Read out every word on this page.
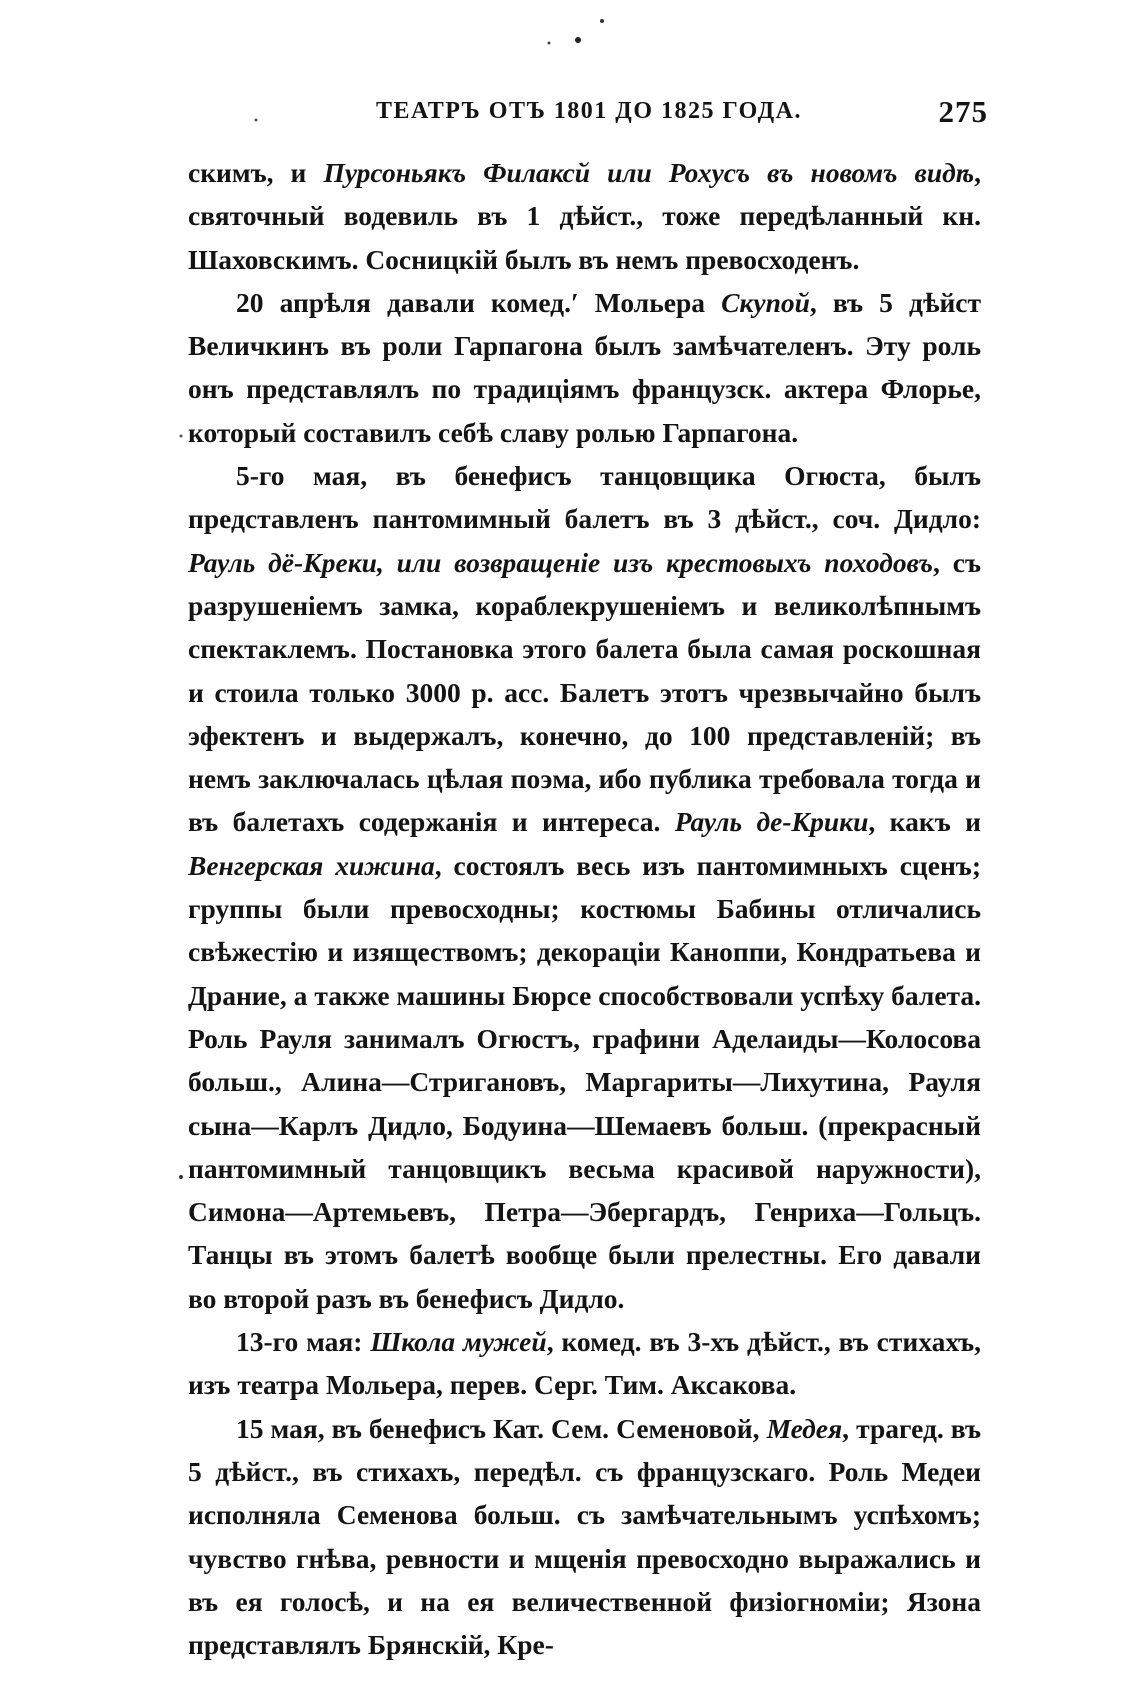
ТЕАТРЪ ОТЪ 1801 ДО 1825 ГОДА.	275

скимъ, и Пурсоньякъ Филаксй или Рохусъ въ новомъ видѣ, святочный водевиль въ 1 дѣйст., тоже передѣланный кн. Шаховскимъ. Сосницкій былъ въ немъ превосходенъ.

20 апрѣля давали комед.′ Мольера Скупой, въ 5 дѣйст Величкинъ въ роли Гарпагона былъ замѣчателенъ. Эту роль онъ представлялъ по традиціямъ французск. актера Флорье, который составилъ себѣ славу ролью Гарпагона.

5-го мая, въ бенефисъ танцовщика Огюста, былъ представленъ пантомимный балетъ въ 3 дѣйст., соч. Дидло: Рауль дё-Креки, или возвращеніе изъ крестовыхъ походовъ, съ разрушеніемъ замка, кораблекрушеніемъ и великолѣпнымъ спектаклемъ. Постановка этого балета была самая роскошная и стоила только 3000 р. асс. Балетъ этотъ чрезвычайно былъ эфектенъ и выдержалъ, конечно, до 100 представленій; въ немъ заключалась цѣлая поэма, ибо публика требовала тогда и въ балетахъ содержанія и интереса. Рауль де-Крики, какъ и Венгерская хижина, состоялъ весь изъ пантомимныхъ сценъ; группы были превосходны; костюмы Бабины отличались свѣжестію и изяществомъ; декораціи Каноппи, Кондратьева и Драние, а также машины Бюрсе способствовали успѣху балета. Роль Рауля занималъ Огюстъ, графини Аделаиды—Колосова больш., Алина—Стригановъ, Маргариты—Лихутина, Рауля сына—Карлъ Дидло, Бодуина—Шемаевъ больш. (прекрасный пантомимный танцовщикъ весьма красивой наружности), Симона—Артемьевъ, Петра—Эбергардъ, Генриха—Гольцъ. Танцы въ этомъ балетѣ вообще были прелестны. Его давали во второй разъ въ бенефисъ Дидло.

13-го мая: Школа мужей, комед. въ 3-хъ дѣйст., въ стихахъ, изъ театра Мольера, перев. Серг. Тим. Аксакова.

15 мая, въ бенефисъ Кат. Сем. Семеновой, Медея, трагед. въ 5 дѣйст., въ стихахъ, передѣл. съ французскаго. Роль Медеи исполняла Семенова больш. съ замѣчательнымъ успѣхомъ; чувство гнѣва, ревности и мщенія превосходно выражались и въ ея голосѣ, и на ея величественной физіогноміи; Язона представлялъ Брянскій, Кре-
